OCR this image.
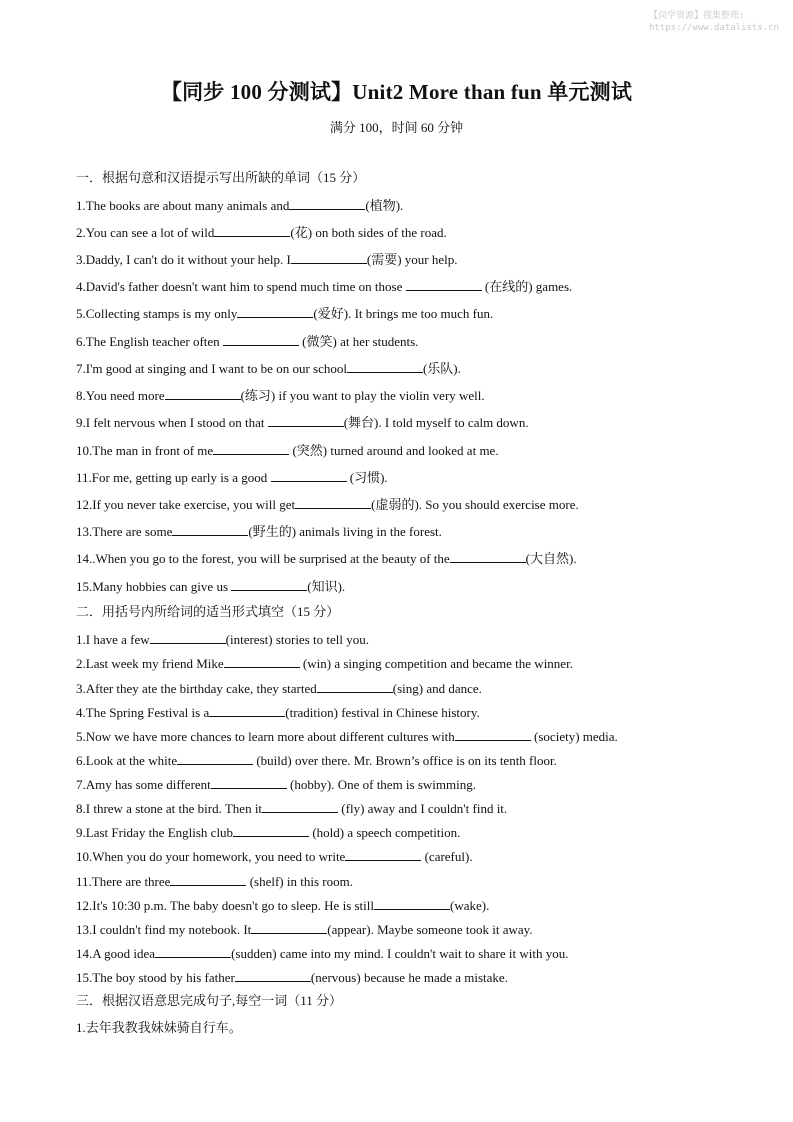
【尚学资源】搜集整理:
https://www.datalists.cn
【同步 100 分测试】Unit2 More than fun 单元测试
满分 100，时间 60 分钟
一．根据句意和汉语提示写出所缺的单词（15 分）
1.The books are about many animals and	(植物).
2.You can see a lot of wild	(花) on both sides of the road.
3.Daddy, I can't do it without your help. I	(需要) your help.
4.David's father doesn't want him to spend much time on those	(在线的) games.
5.Collecting stamps is my only	(爱好). It brings me too much fun.
6.The English teacher often	(微笑) at her students.
7.I'm good at singing and I want to be on our school	(乐队).
8.You need more	(练习) if you want to play the violin very well.
9.I felt nervous when I stood on that	(舞台). I told myself to calm down.
10.The man in front of me	(突然) turned around and looked at me.
11.For me, getting up early is a good	(习惯).
12.If you never take exercise, you will get	(虚弱的). So you should exercise more.
13.There are some	(野生的) animals living in the forest.
14..When you go to the forest, you will be surprised at the beauty of the	(大自然).
15.Many hobbies can give us	(知识).
二．用括号内所给词的适当形式填空（15 分）
1.I have a few	(interest) stories to tell you.
2.Last week my friend Mike	(win) a singing competition and became the winner.
3.After they ate the birthday cake, they started	(sing) and dance.
4.The Spring Festival is a	(tradition) festival in Chinese history.
5.Now we have more chances to learn more about different cultures with	(society) media.
6.Look at the white	(build) over there. Mr. Brown’s office is on its tenth floor.
7.Amy has some different	(hobby). One of them is swimming.
8.I threw a stone at the bird. Then it	(fly) away and I couldn't find it.
9.Last Friday the English club	(hold) a speech competition.
10.When you do your homework, you need to write	(careful).
11.There are three	(shelf) in this room.
12.It's 10:30 p.m. The baby doesn't go to sleep. He is still	(wake).
13.I couldn't find my notebook. It	(appear). Maybe someone took it away.
14.A good idea	(sudden) came into my mind. I couldn't wait to share it with you.
15.The boy stood by his father	(nervous) because he made a mistake.
三．根据汉语意思完成句子,每空一词（11 分）
1.去年我教我妹妹骑自行车。
